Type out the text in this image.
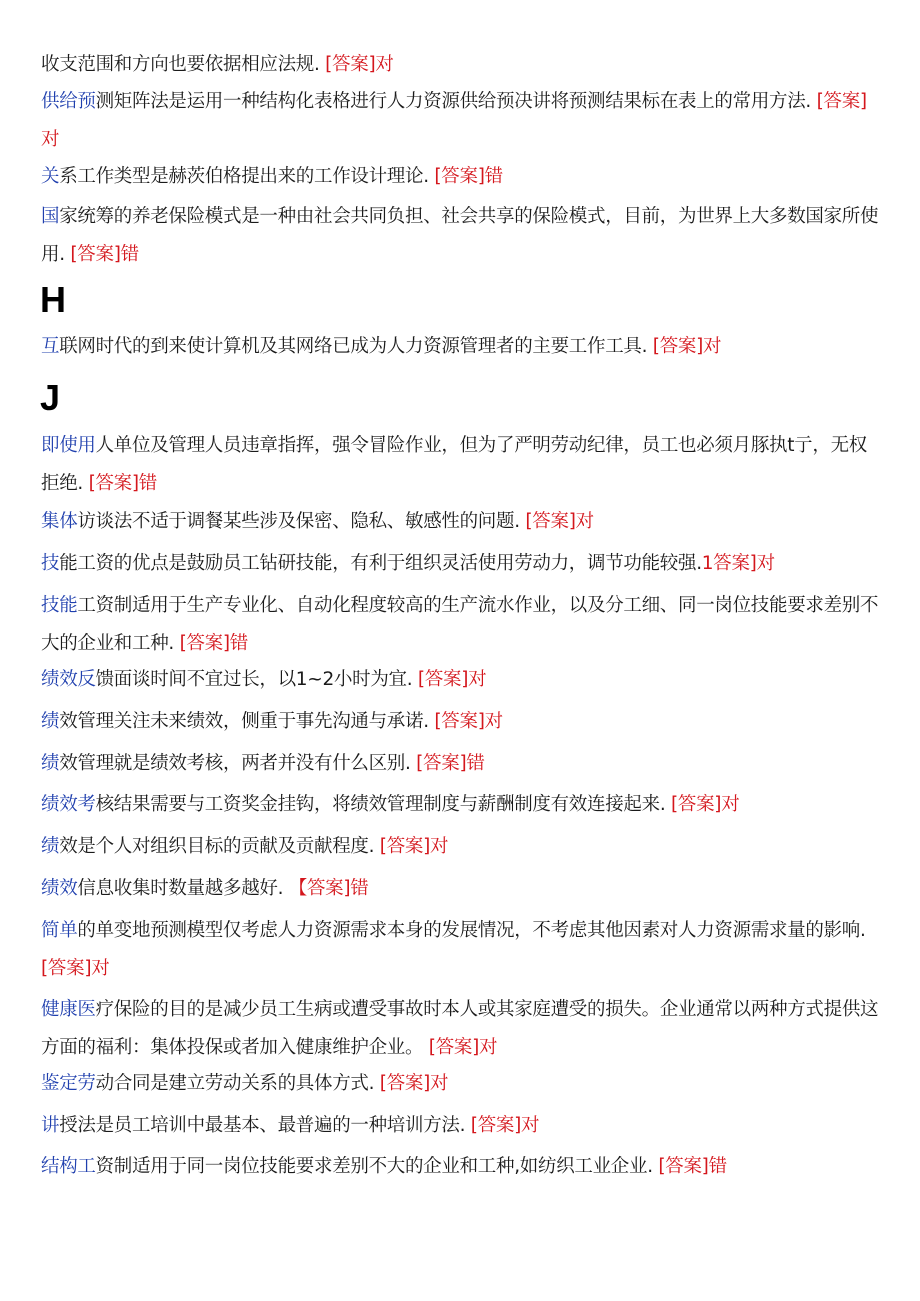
收支范围和方向也要依据相应法规. [答案]对

供给预测矩阵法是运用一种结构化表格进行人力资源供给预决讲将预测结果标在表上的常用方法. [答案]对

关系工作类型是赫茨伯格提出来的工作设计理论. [答案]错

国家统筹的养老保险模式是一种由社会共同负担、社会共享的保险模式，目前，为世界上大多数国家所使用. [答案]错

H

互联网时代的到来使计算机及其网络已成为人力资源管理者的主要工作工具. [答案]对

J

即使用人单位及管理人员违章指挥，强令冒险作业，但为了严明劳动纪律，员工也必须月豚执t亍，无权拒绝. [答案]错

集体访谈法不适于调餐某些涉及保密、隐私、敏感性的问题. [答案]对

技能工资的优点是鼓励员工钻研技能，有利于组织灵活使用劳动力，调节功能较强.1答案]对

技能工资制适用于生产专业化、自动化程度较高的生产流水作业，以及分工细、同一岗位技能要求差别不大的企业和工种. [答案]错

绩效反馈面谈时间不宜过长，以1~2小时为宜. [答案]对

绩效管理关注未来绩效，侧重于事先沟通与承诺. [答案]对

绩效管理就是绩效考核，两者并没有什么区别. [答案]错

绩效考核结果需要与工资奖金挂钩，将绩效管理制度与薪酬制度有效连接起来. [答案]对

绩效是个人对组织目标的贡献及贡献程度. [答案]对

绩效信息收集时数量越多越好. 【答案]错

简单的单变地预测模型仅考虑人力资源需求本身的发展情况，不考虑其他因素对人力资源需求量的影响. [答案]对

健康医疗保险的目的是减少员工生病或遭受事故时本人或其家庭遭受的损失。企业通常以两种方式提供这方面的福利：集体投保或者加入健康维护企业。 [答案]对

鉴定劳动合同是建立劳动关系的具体方式. [答案]对

讲授法是员工培训中最基本、最普遍的一种培训方法. [答案]对

结构工资制适用于同一岗位技能要求差别不大的企业和工种,如纺织工业企业. [答案]错
